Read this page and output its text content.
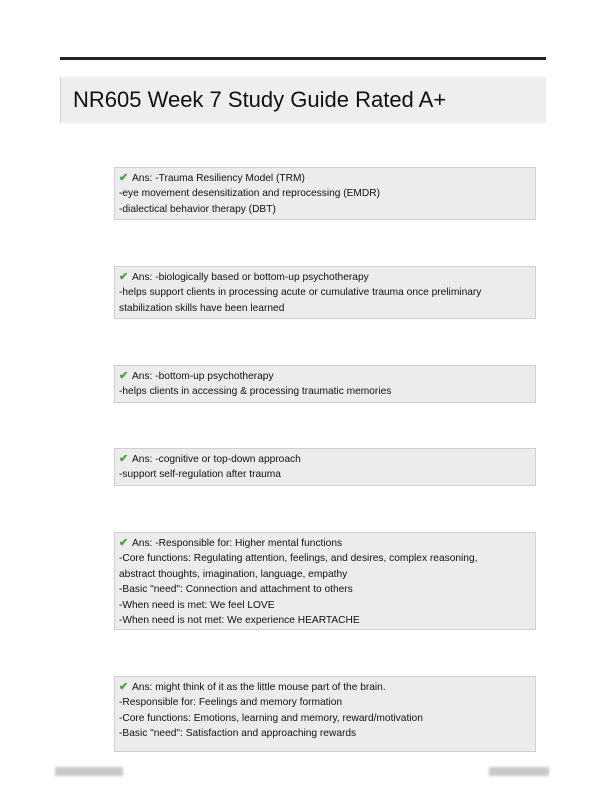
NR605 Week 7 Study Guide Rated A+
✔ Ans: -Trauma Resiliency Model (TRM)
-eye movement desensitization and reprocessing (EMDR)
-dialectical behavior therapy (DBT)
✔ Ans: -biologically based or bottom-up psychotherapy
-helps support clients in processing acute or cumulative trauma once preliminary
stabilization skills have been learned
✔ Ans: -bottom-up psychotherapy
-helps clients in accessing & processing traumatic memories
✔ Ans: -cognitive or top-down approach
-support self-regulation after trauma
✔ Ans: -Responsible for: Higher mental functions
-Core functions: Regulating attention, feelings, and desires, complex reasoning,
abstract thoughts, imagination, language, empathy
-Basic "need": Connection and attachment to others
-When need is met: We feel LOVE
-When need is not met: We experience HEARTACHE
✔ Ans: might think of it as the little mouse part of the brain.
-Responsible for: Feelings and memory formation
-Core functions: Emotions, learning and memory, reward/motivation
-Basic "need": Satisfaction and approaching rewards
